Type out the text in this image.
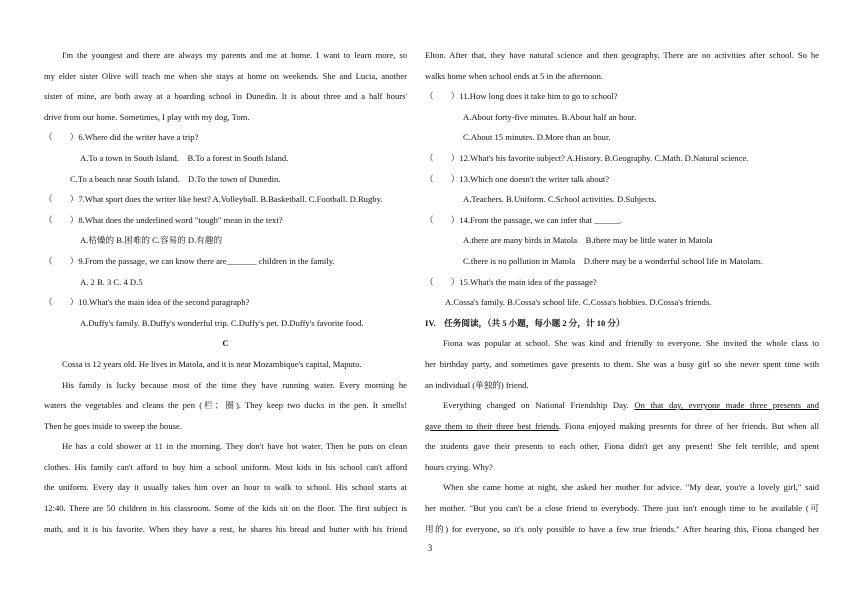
I'm the youngest and there are always my parents and me at home. I want to learn more, so
my elder sister Olive will teach me when she stays at home on weekends. She and Lucia, another
sister of mine, are both away at a boarding school in Dunedin. It is about three and a half hours'
drive from our home. Sometimes, I play with my dog, Tom.
（　　）6.Where did the writer have a trip?
A.To a town in South Island.　B.To a forest in South Island.
C.To a beach near South Island.　D.To the town of Dunedin.
（　　）7.What sport does the writer like best? A.Volleyball. B.Basketball. C.Football. D.Rugby.
（　　）8.What does the underlined word "tough" mean in the text?
A.枯燥的 B.困难的 C.容易的 D.有趣的
（　　）9.From the passage, we can know there are_______ children in the family.
A. 2 B. 3 C. 4 D.5
（　　）10.What's the main idea of the second paragraph?
A.Duffy's family. B.Duffy's wonderful trip. C.Duffy's pet. D.Duffy's favorite food.
C
Cossa is 12 years old. He lives in Matola, and it is near Mozambique's capital, Maputo.
His family is lucky because most of the time they have running water. Every morning he
waters the vegetables and cleans the pen (栏；圈). They keep two ducks in the pen. It smells!
Then he goes inside to sweep the house.
He has a cold shower at 11 in the morning. They don't have hot water. Then he puts on clean
clothes. His family can't afford to buy him a school uniform. Most kids in his school can't afford
the uniform. Every day it usually takes him over an hour to walk to school. His school starts at
12:40. There are 50 children in his classroom. Some of the kids sit on the floor. The first subject is
math, and it is his favorite. When they have a rest, he shares his bread and butter with his friend
Elton. After that, they have natural science and then geography. There are no activities after school. So he
walks home when school ends at 5 in the afternoon.
（　　）11.How long does it take him to go to school?
A.About forty-five minutes. B.About half an hour.
C.About 15 minutes. D.More than an hour.
（　　）12.What's his favorite subject? A.History. B.Geography. C.Math. D.Natural science.
（　　）13.Which one doesn't the writer talk about?
A.Teachers. B.Uniform. C.School activities. D.Subjects.
（　　）14.From the passage, we can infer that ______.
A.there are many birds in Matola　B.there may be little water in Matola
C.there is no pollution in Matola　D.there may be a wonderful school life in Matolam.
（　　）15.What's the main idea of the passage?
A.Cossa's family. B.Cossa's school life. C.Cossa's hobbies. D.Cossa's friends.
IV.　任务阅读，（共 5 小题，每小题 2 分，计 10 分）
Fiona was popular at school. She was kind and friendly to everyone. She invited the whole class to
her birthday party, and sometimes gave presents to them. She was a busy girl so she never spent time with
an individual (单独的) friend.
Everything changed on National Friendship Day. On that day, everyone made three presents and
gave them to their three best friends. Fiona enjoyed making presents for three of her friends. But when all
the students gave their presents to each other, Fiona didn't get any present! She felt terrible, and spent
hours crying. Why?
When she came home at night, she asked her mother for advice. "My dear, you're a lovely girl," said
her mother. "But you can't be a close friend to everybody. There just isn't enough time to be available (可
用的) for everyone, so it's only possible to have a few true friends." After hearing this, Fiona changed her
3
